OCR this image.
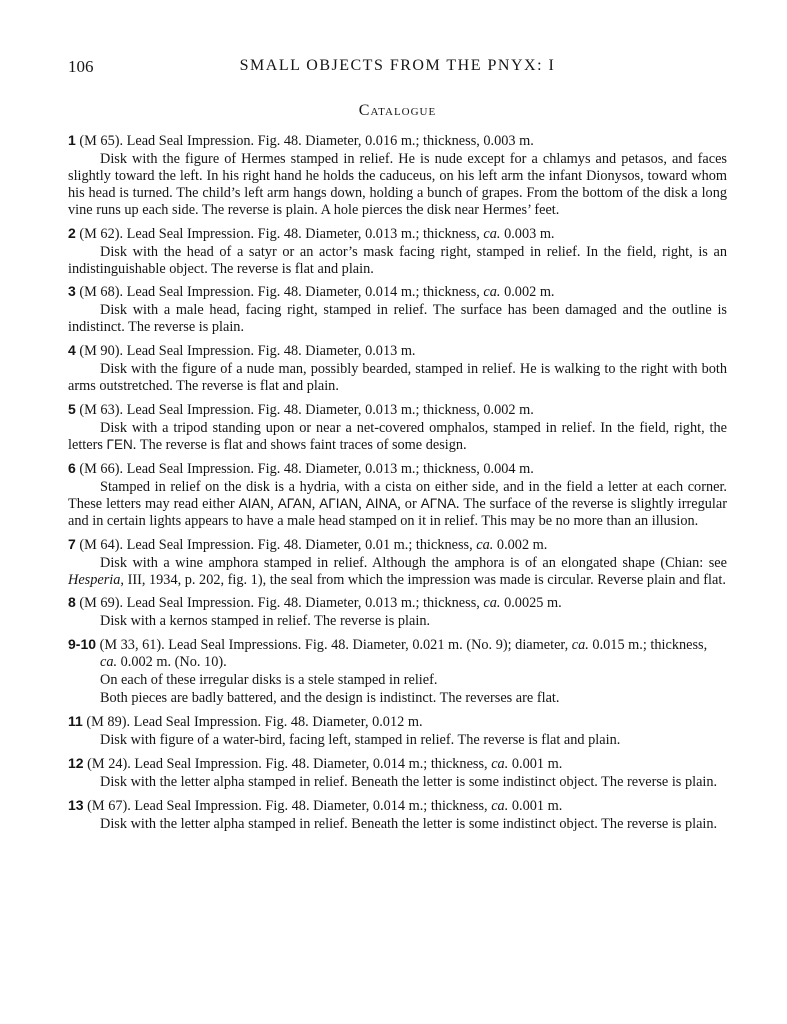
106	SMALL OBJECTS FROM THE PNYX: I
Catalogue
1 (M 65). Lead Seal Impression. Fig. 48. Diameter, 0.016 m.; thickness, 0.003 m.
Disk with the figure of Hermes stamped in relief. He is nude except for a chlamys and petasos, and faces slightly toward the left. In his right hand he holds the caduceus, on his left arm the infant Dionysos, toward whom his head is turned. The child’s left arm hangs down, holding a bunch of grapes. From the bottom of the disk a long vine runs up each side. The reverse is plain. A hole pierces the disk near Hermes’ feet.
2 (M 62). Lead Seal Impression. Fig. 48. Diameter, 0.013 m.; thickness, ca. 0.003 m.
Disk with the head of a satyr or an actor’s mask facing right, stamped in relief. In the field, right, is an indistinguishable object. The reverse is flat and plain.
3 (M 68). Lead Seal Impression. Fig. 48. Diameter, 0.014 m.; thickness, ca. 0.002 m.
Disk with a male head, facing right, stamped in relief. The surface has been damaged and the outline is indistinct. The reverse is plain.
4 (M 90). Lead Seal Impression. Fig. 48. Diameter, 0.013 m.
Disk with the figure of a nude man, possibly bearded, stamped in relief. He is walking to the right with both arms outstretched. The reverse is flat and plain.
5 (M 63). Lead Seal Impression. Fig. 48. Diameter, 0.013 m.; thickness, 0.002 m.
Disk with a tripod standing upon or near a net-covered omphalos, stamped in relief. In the field, right, the letters ΓΕΝ. The reverse is flat and shows faint traces of some design.
6 (M 66). Lead Seal Impression. Fig. 48. Diameter, 0.013 m.; thickness, 0.004 m.
Stamped in relief on the disk is a hydria, with a cista on either side, and in the field a letter at each corner. These letters may read either ΑΙΑΝ, ΑΓΑΝ, ΑΓΙΑΝ, ΑΙΝΑ, or ΑΓΝΑ. The surface of the reverse is slightly irregular and in certain lights appears to have a male head stamped on it in relief. This may be no more than an illusion.
7 (M 64). Lead Seal Impression. Fig. 48. Diameter, 0.01 m.; thickness, ca. 0.002 m.
Disk with a wine amphora stamped in relief. Although the amphora is of an elongated shape (Chian: see Hesperia, III, 1934, p. 202, fig. 1), the seal from which the impression was made is circular. Reverse plain and flat.
8 (M 69). Lead Seal Impression. Fig. 48. Diameter, 0.013 m.; thickness, ca. 0.0025 m.
Disk with a kernos stamped in relief. The reverse is plain.
9-10 (M 33, 61). Lead Seal Impressions. Fig. 48. Diameter, 0.021 m. (No. 9); diameter, ca. 0.015 m.; thickness, ca. 0.002 m. (No. 10).
On each of these irregular disks is a stele stamped in relief.
Both pieces are badly battered, and the design is indistinct. The reverses are flat.
11 (M 89). Lead Seal Impression. Fig. 48. Diameter, 0.012 m.
Disk with figure of a water-bird, facing left, stamped in relief. The reverse is flat and plain.
12 (M 24). Lead Seal Impression. Fig. 48. Diameter, 0.014 m.; thickness, ca. 0.001 m.
Disk with the letter alpha stamped in relief. Beneath the letter is some indistinct object. The reverse is plain.
13 (M 67). Lead Seal Impression. Fig. 48. Diameter, 0.014 m.; thickness, ca. 0.001 m.
Disk with the letter alpha stamped in relief. Beneath the letter is some indistinct object. The reverse is plain.
